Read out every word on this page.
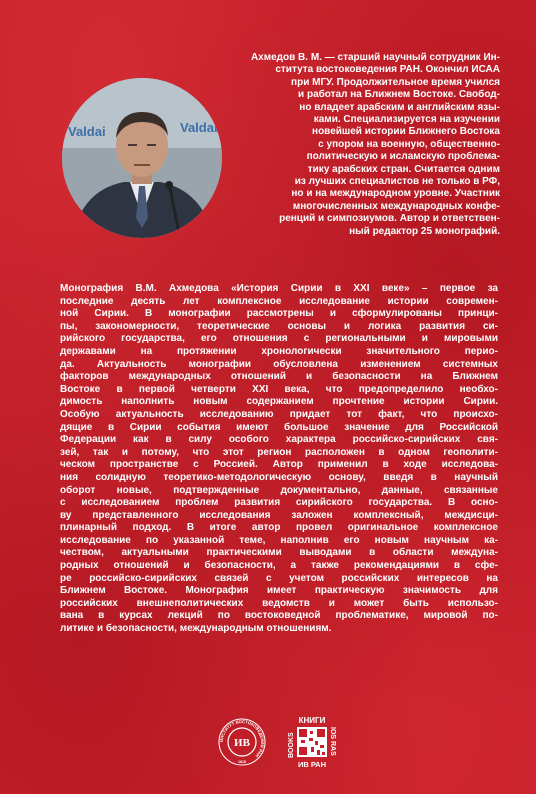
Valdai	Valdai
Ахмедов В. М. — старший научный сотрудник Ин-
ститута востоковедения РАН. Окончил ИСАА
при МГУ. Продолжительное время учился
и работал на Ближнем Востоке. Свобод-
но владеет арабским и английским язы-
ками. Специализируется на изучении
новейшей истории Ближнего Востока
с упором на военную, общественно-
политическую и исламскую проблема-
тику арабских стран. Считается одним
из лучших специалистов не только в РФ,
но и на международном уровне. Участник
многочисленных международных конфе-
ренций и симпозиумов. Автор и ответствен-
ный редактор 25 монографий.
Монография В.М. Ахмедова «История Сирии в XXI веке» – первое за
последние десять лет комплексное исследование истории современ-
ной Сирии. В монографии рассмотрены и сформулированы принци-
пы, закономерности, теоретические основы и логика развития си-
рийского государства, его отношения с региональными и мировыми
державами на протяжении хронологически значительного перио-
да. Актуальность монографии обусловлена изменением системных
факторов международных отношений и безопасности на Ближнем
Востоке в первой четверти XXI века, что предопределило необхо-
димость наполнить новым содержанием прочтение истории Сирии.
Особую актуальность исследованию придает тот факт, что происхо-
дящие в Сирии события имеют большое значение для Российской
Федерации как в силу особого характера российско-сирийских свя-
зей, так и потому, что этот регион расположен в одном геополити-
ческом пространстве с Россией. Автор применил в ходе исследова-
ния солидную теоретико-методологическую основу, введя в научный
оборот новые, подтвержденные документально, данные, связанные
с исследованием проблем развития сирийского государства. В осно-
ву представленного исследования заложен комплексный, междисци-
плинарный подход. В итоге автор провел оригинальное комплексное
исследование по указанной теме, наполнив его новым научным ка-
чеством, актуальными практическими выводами в области междуна-
родных отношений и безопасности, а также рекомендациями в сфе-
ре российско-сирийских связей с учетом российских интересов на
Ближнем Востоке. Монография имеет практическую значимость для
российских внешнеполитических ведомств и может быть использо-
вана в курсах лекций по востоковедной проблематике, мировой по-
литике и безопасности, международным отношениям.
ИНСТИТУТ ВОСТОКОВЕДЕНИЯ РАН
ИВ
1818
КНИГИ
BOOKS	IOS RAS
ИВ РАН
